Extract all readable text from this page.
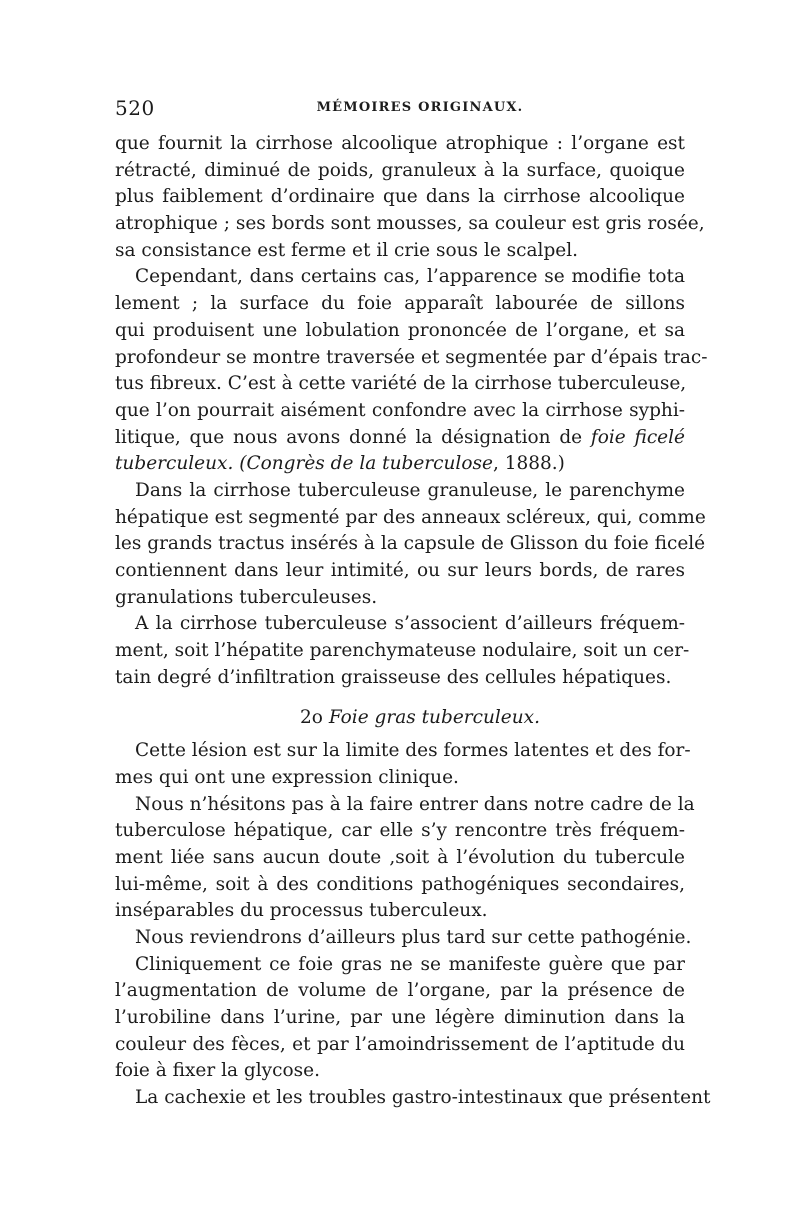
520	MÉMOIRES ORIGINAUX.
que fournit la cirrhose alcoolique atrophique : l’organe est
rétracté, diminué de poids, granuleux à la surface, quoique
plus faiblement d’ordinaire que dans la cirrhose alcoolique
atrophique ; ses bords sont mousses, sa couleur est gris rosée,
sa consistance est ferme et il crie sous le scalpel.
Cependant, dans certains cas, l’apparence se modifie tota
lement ; la surface du foie apparaît labourée de sillons
qui produisent une lobulation prononcée de l’organe, et sa
profondeur se montre traversée et segmentée par d’épais trac-
tus fibreux. C’est à cette variété de la cirrhose tuberculeuse,
que l’on pourrait aisément confondre avec la cirrhose syphi-
litique, que nous avons donné la désignation de foie ficelé
tuberculeux. (Congrès de la tuberculose, 1888.)
Dans la cirrhose tuberculeuse granuleuse, le parenchyme
hépatique est segmenté par des anneaux scléreux, qui, comme
les grands tractus insérés à la capsule de Glisson du foie ficelé
contiennent dans leur intimité, ou sur leurs bords, de rares
granulations tuberculeuses.
A la cirrhose tuberculeuse s’associent d’ailleurs fréquem-
ment, soit l’hépatite parenchymateuse nodulaire, soit un cer-
tain degré d’infiltration graisseuse des cellules hépatiques.
2o Foie gras tuberculeux.
Cette lésion est sur la limite des formes latentes et des for-
mes qui ont une expression clinique.
Nous n’hésitons pas à la faire entrer dans notre cadre de la
tuberculose hépatique, car elle s’y rencontre très fréquem-
ment liée sans aucun doute ,soit à l’évolution du tubercule
lui-même, soit à des conditions pathogéniques secondaires,
inséparables du processus tuberculeux.
Nous reviendrons d’ailleurs plus tard sur cette pathogénie.
Cliniquement ce foie gras ne se manifeste guère que par
l’augmentation de volume de l’organe, par la présence de
l’urobiline dans l’urine, par une légère diminution dans la
couleur des fèces, et par l’amoindrissement de l’aptitude du
foie à fixer la glycose.
La cachexie et les troubles gastro-intestinaux que présentent
